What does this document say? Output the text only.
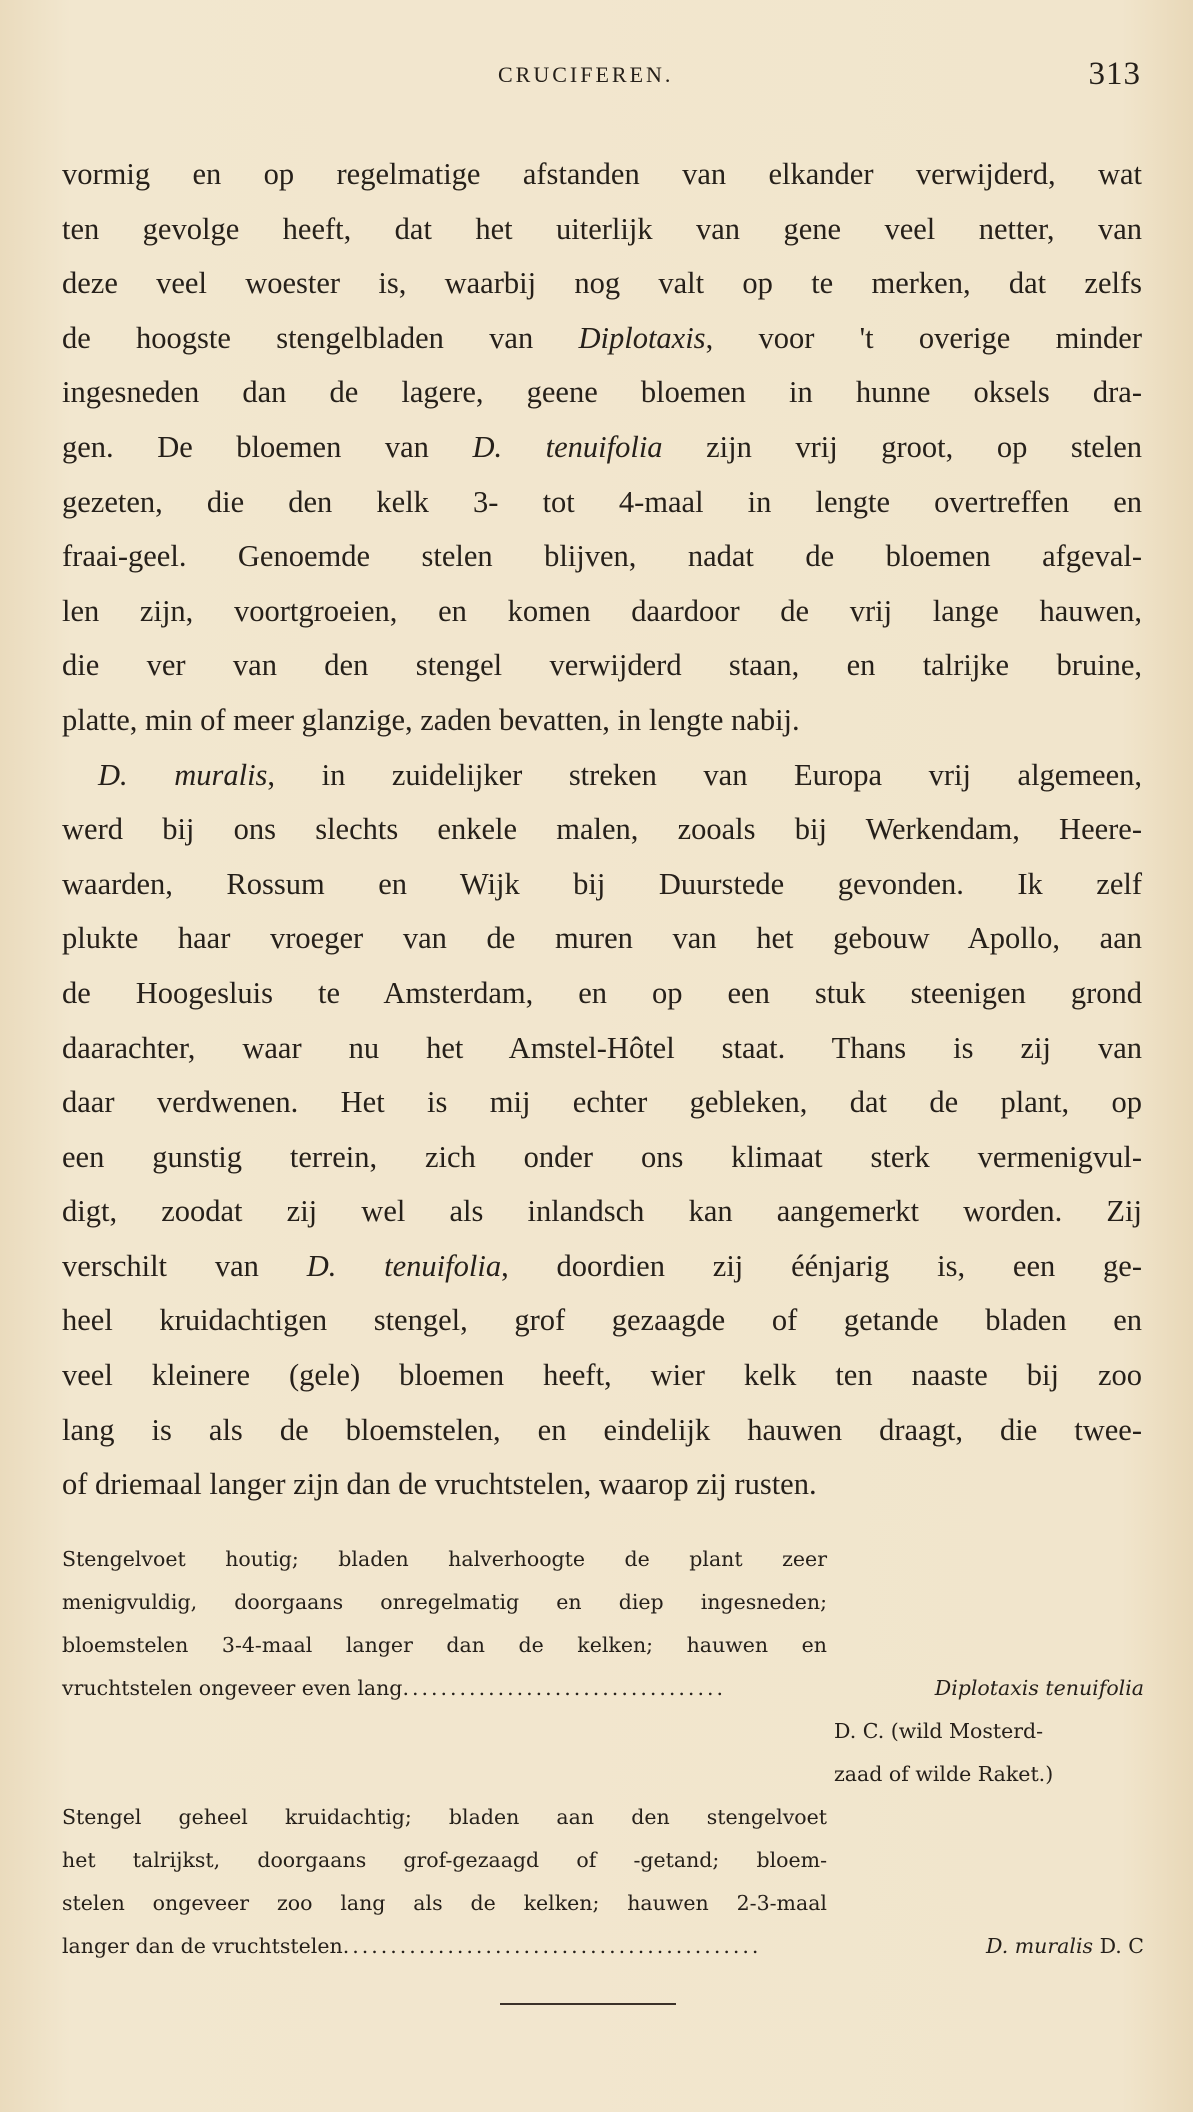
CRUCIFEREN.	313
vormig en op regelmatige afstanden van elkander verwijderd, wat
ten gevolge heeft, dat het uiterlijk van gene veel netter, van
deze veel woester is, waarbij nog valt op te merken, dat zelfs
de hoogste stengelbladen van Diplotaxis, voor 't overige minder
ingesneden dan de lagere, geene bloemen in hunne oksels dra-
gen. De bloemen van D. tenuifolia zijn vrij groot, op stelen
gezeten, die den kelk 3- tot 4-maal in lengte overtreffen en
fraai-geel. Genoemde stelen blijven, nadat de bloemen afgeval-
len zijn, voortgroeien, en komen daardoor de vrij lange hauwen,
die ver van den stengel verwijderd staan, en talrijke bruine,
platte, min of meer glanzige, zaden bevatten, in lengte nabij.
D. muralis, in zuidelijker streken van Europa vrij algemeen,
werd bij ons slechts enkele malen, zooals bij Werkendam, Heere-
waarden, Rossum en Wijk bij Duurstede gevonden. Ik zelf
plukte haar vroeger van de muren van het gebouw Apollo, aan
de Hoogesluis te Amsterdam, en op een stuk steenigen grond
daarachter, waar nu het Amstel-Hôtel staat. Thans is zij van
daar verdwenen. Het is mij echter gebleken, dat de plant, op
een gunstig terrein, zich onder ons klimaat sterk vermenigvul-
digt, zoodat zij wel als inlandsch kan aangemerkt worden. Zij
verschilt van D. tenuifolia, doordien zij éénjarig is, een ge-
heel kruidachtigen stengel, grof gezaagde of getande bladen en
veel kleinere (gele) bloemen heeft, wier kelk ten naaste bij zoo
lang is als de bloemstelen, en eindelijk hauwen draagt, die twee-
of driemaal langer zijn dan de vruchtstelen, waarop zij rusten.
Stengelvoet houtig; bladen halverhoogte de plant zeer
menigvuldig, doorgaans onregelmatig en diep ingesneden;
bloemstelen 3-4-maal langer dan de kelken; hauwen en
vruchtstelen ongeveer even lang ..................................	Diplotaxis tenuifolia
D. C. (wild Mosterd-
zaad of wilde Raket.)
Stengel geheel kruidachtig; bladen aan den stengelvoet
het talrijkst, doorgaans grof-gezaagd of -getand; bloem-
stelen ongeveer zoo lang als de kelken; hauwen 2-3-maal
langer dan de vruchtstelen ............................................	D. muralis D. C
